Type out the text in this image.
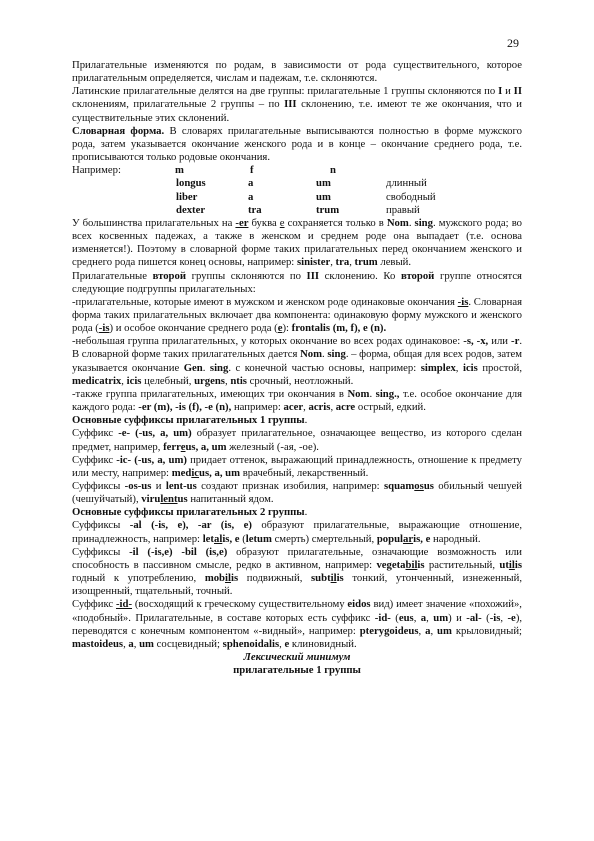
29

Прилагательные изменяются по родам, в зависимости от рода существительного, которое прилагательным определяется, числам и падежам, т.е. склоняются.

Латинские прилагательные делятся на две группы: прилагательные 1 группы склоняются по I и II склонениям, прилагательные 2 группы – по III склонению, т.е. имеют те же окончания, что и существительные этих склонений.

Словарная форма. В словарях прилагательные выписываются полностью в форме мужского рода, затем указывается окончание женского рода и в конце – окончание среднего рода, т.е. прописываются только родовые окончания.

Например:	m	f	n
longus	a	um	длинный
liber	a	um	свободный
dexter	tra	trum	правый

У большинства прилагательных на -er буква e сохраняется только в Nom. sing. мужского рода; во всех косвенных падежах, а также в женском и среднем роде она выпадает (т.е. основа изменяется!). Поэтому в словарной форме таких прилагательных перед окончанием женского и среднего рода пишется конец основы, например: sinister, tra, trum левый.

Прилагательные второй группы склоняются по III склонению. Ко второй группе относятся следующие подгруппы прилагательных:

-прилагательные, которые имеют в мужском и женском роде одинаковые окончания -is. Словарная форма таких прилагательных включает два компонента: одинаковую форму мужского и женского рода (-is) и особое окончание среднего рода (e): frontalis (m, f), e (n).

-небольшая группа прилагательных, у которых окончание во всех родах одинаковое: -s, -x, или -r. В словарной форме таких прилагательных дается Nom. sing. – форма, общая для всех родов, затем указывается окончание Gen. sing. с конечной частью основы, например: simplex, icis простой, medicatrix, icis целебный, urgens, ntis срочный, неотложный.

-также группа прилагательных, имеющих три окончания в Nom. sing., т.е. особое окончание для каждого рода: -er (m), -is (f), -e (n), например: acer, acris, acre острый, едкий.

Основные суффиксы прилагательных 1 группы.

Суффикс -e- (-us, a, um) образует прилагательное, означающее вещество, из которого сделан предмет, например, ferreus, a, um железный (-ая, -ое).

Суффикс -ic- (-us, a, um) придает оттенок, выражающий принадлежность, отношение к предмету или месту, например: medicus, a, um врачебный, лекарственный.

Суффиксы -os-us и lent-us создают признак изобилия, например: squamosus обильный чешуей (чешуйчатый), virulentus напитанный ядом.

Основные суффиксы прилагательных 2 группы.

Суффиксы -al (-is, e), -ar (is, e) образуют прилагательные, выражающие отношение, принадлежность, например: letalis, e (letum смерть) смертельный, popularis, e народный.

Суффиксы -il (-is,e) -bil (is,e) образуют прилагательные, означающие возможность или способность в пассивном смысле, редко в активном, например: vegetabilis растительный, utilis годный к употреблению, mobilis подвижный, subtilis тонкий, утонченный, изнеженный, изощренный, тщательный, точный.

Суффикс -id- (восходящий к греческому существительному eidos вид) имеет значение «похожий», «подобный». Прилагательные, в составе которых есть суффикс -id- (eus, a, um) и -al- (-is, -e), переводятся с конечным компонентом «-видный», например: pterygoideus, a, um крыловидный; mastoideus, a, um сосцевидный; sphenoidalis, e клиновидный.

Лексический минимум

прилагательные 1 группы
